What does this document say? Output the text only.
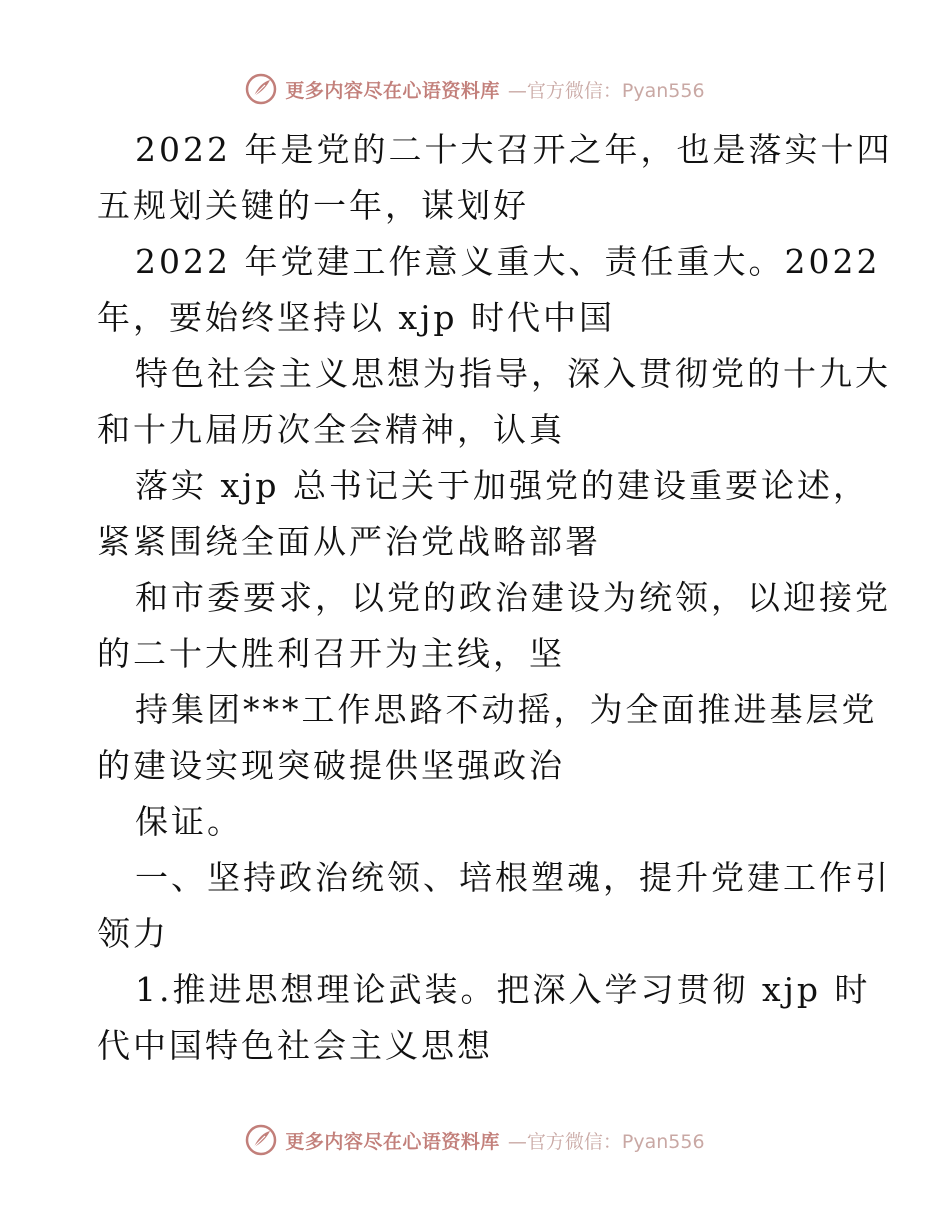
更多内容尽在心语资料库 —官方微信：Pyan556
2022 年是党的二十大召开之年，也是落实十四
五规划关键的一年，谋划好
2022 年党建工作意义重大、责任重大。2022
年，要始终坚持以 xjp 时代中国
特色社会主义思想为指导，深入贯彻党的十九大
和十九届历次全会精神，认真
落实 xjp 总书记关于加强党的建设重要论述，
紧紧围绕全面从严治党战略部署
和市委要求，以党的政治建设为统领，以迎接党
的二十大胜利召开为主线，坚
持集团***工作思路不动摇，为全面推进基层党
的建设实现突破提供坚强政治
保证。
一、坚持政治统领、培根塑魂，提升党建工作引
领力
1.推进思想理论武装。把深入学习贯彻 xjp 时
代中国特色社会主义思想
更多内容尽在心语资料库 —官方微信：Pyan556
